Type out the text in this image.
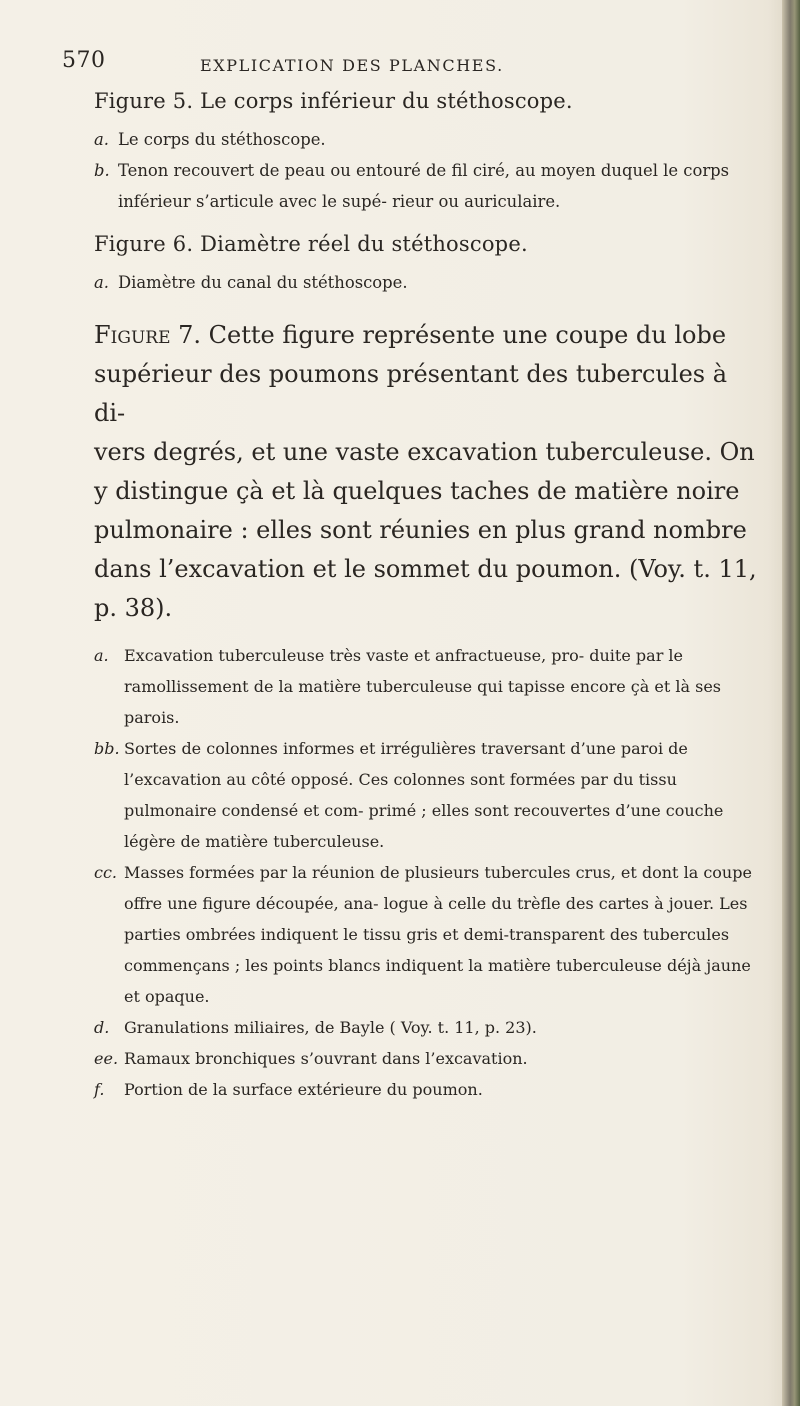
570	EXPLICATION DES PLANCHES.
Figure 5. Le corps inférieur du stéthoscope.

a. Le corps du stéthoscope.

b. Tenon recouvert de peau ou entouré de fil ciré, au moyen duquel le corps inférieur s’articule avec le supé- rieur ou auriculaire.

Figure 6. Diamètre réel du stéthoscope.

a. Diamètre du canal du stéthoscope.

Figure 7. Cette figure représente une coupe du lobe
supérieur des poumons présentant des tubercules à di-
vers degrés, et une vaste excavation tuberculeuse. On
y distingue çà et là quelques taches de matière noire
pulmonaire : elles sont réunies en plus grand nombre
dans l’excavation et le sommet du poumon. (Voy. t. 11,
p. 38).

a. Excavation tuberculeuse très vaste et anfractueuse, pro- duite par le ramollissement de la matière tuberculeuse qui tapisse encore çà et là ses parois.

bb. Sortes de colonnes informes et irrégulières traversant d’une paroi de l’excavation au côté opposé. Ces colonnes sont formées par du tissu pulmonaire condensé et com- primé ; elles sont recouvertes d’une couche légère de matière tuberculeuse.

cc. Masses formées par la réunion de plusieurs tubercules crus, et dont la coupe offre une figure découpée, ana- logue à celle du trèfle des cartes à jouer. Les parties ombrées indiquent le tissu gris et demi-transparent des tubercules commençans ; les points blancs indiquent la matière tuberculeuse déjà jaune et opaque.

d. Granulations miliaires, de Bayle ( Voy. t. 11, p. 23).

ee. Ramaux bronchiques s’ouvrant dans l’excavation.

f. Portion de la surface extérieure du poumon.
